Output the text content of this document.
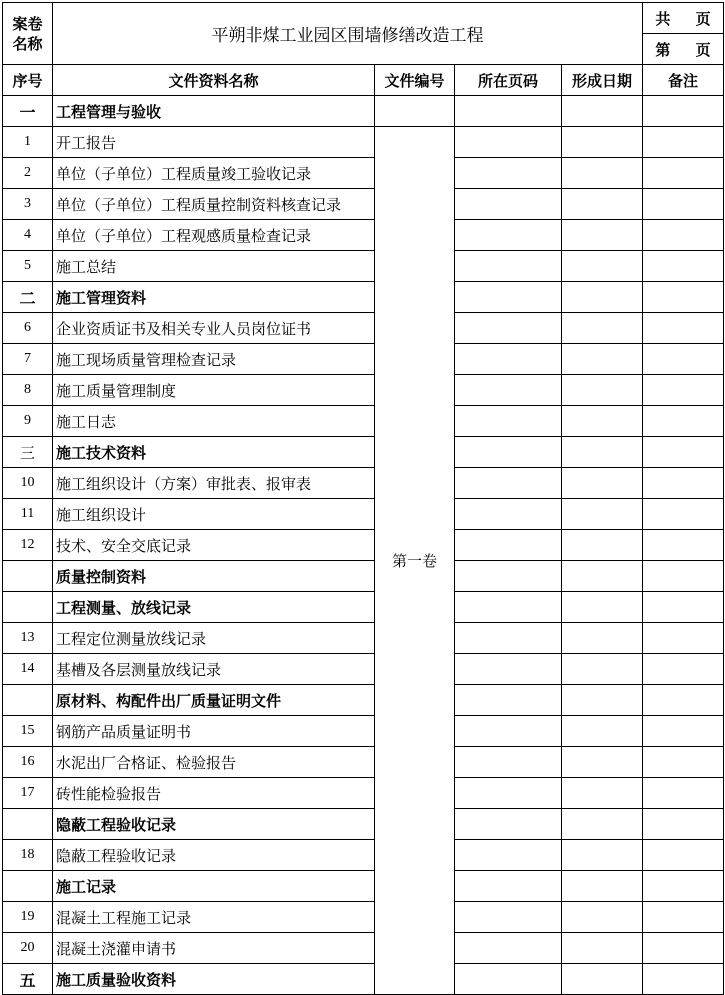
案卷
名称	平朔非煤工业园区围墙修缮改造工程				共 页
					第 页
序号	文件资料名称	文件编号	所在页码	形成日期	备注
一	工程管理与验收				
1	开工报告	第一卷			
2	单位（子单位）工程质量竣工验收记录				
3	单位（子单位）工程质量控制资料核查记录				
4	单位（子单位）工程观感质量检查记录				
5	施工总结				
二	施工管理资料				
6	企业资质证书及相关专业人员岗位证书				
7	施工现场质量管理检查记录				
8	施工质量管理制度				
9	施工日志				
三	施工技术资料				
10	施工组织设计（方案）审批表、报审表				
11	施工组织设计				
12	技术、安全交底记录				
	质量控制资料				
	工程测量、放线记录				
13	工程定位测量放线记录				
14	基槽及各层测量放线记录				
	原材料、构配件出厂质量证明文件				
15	钢筋产品质量证明书				
16	水泥出厂合格证、检验报告				
17	砖性能检验报告				
	隐蔽工程验收记录				
18	隐蔽工程验收记录				
	施工记录				
19	混凝土工程施工记录				
20	混凝土浇灌申请书				
五	施工质量验收资料				
